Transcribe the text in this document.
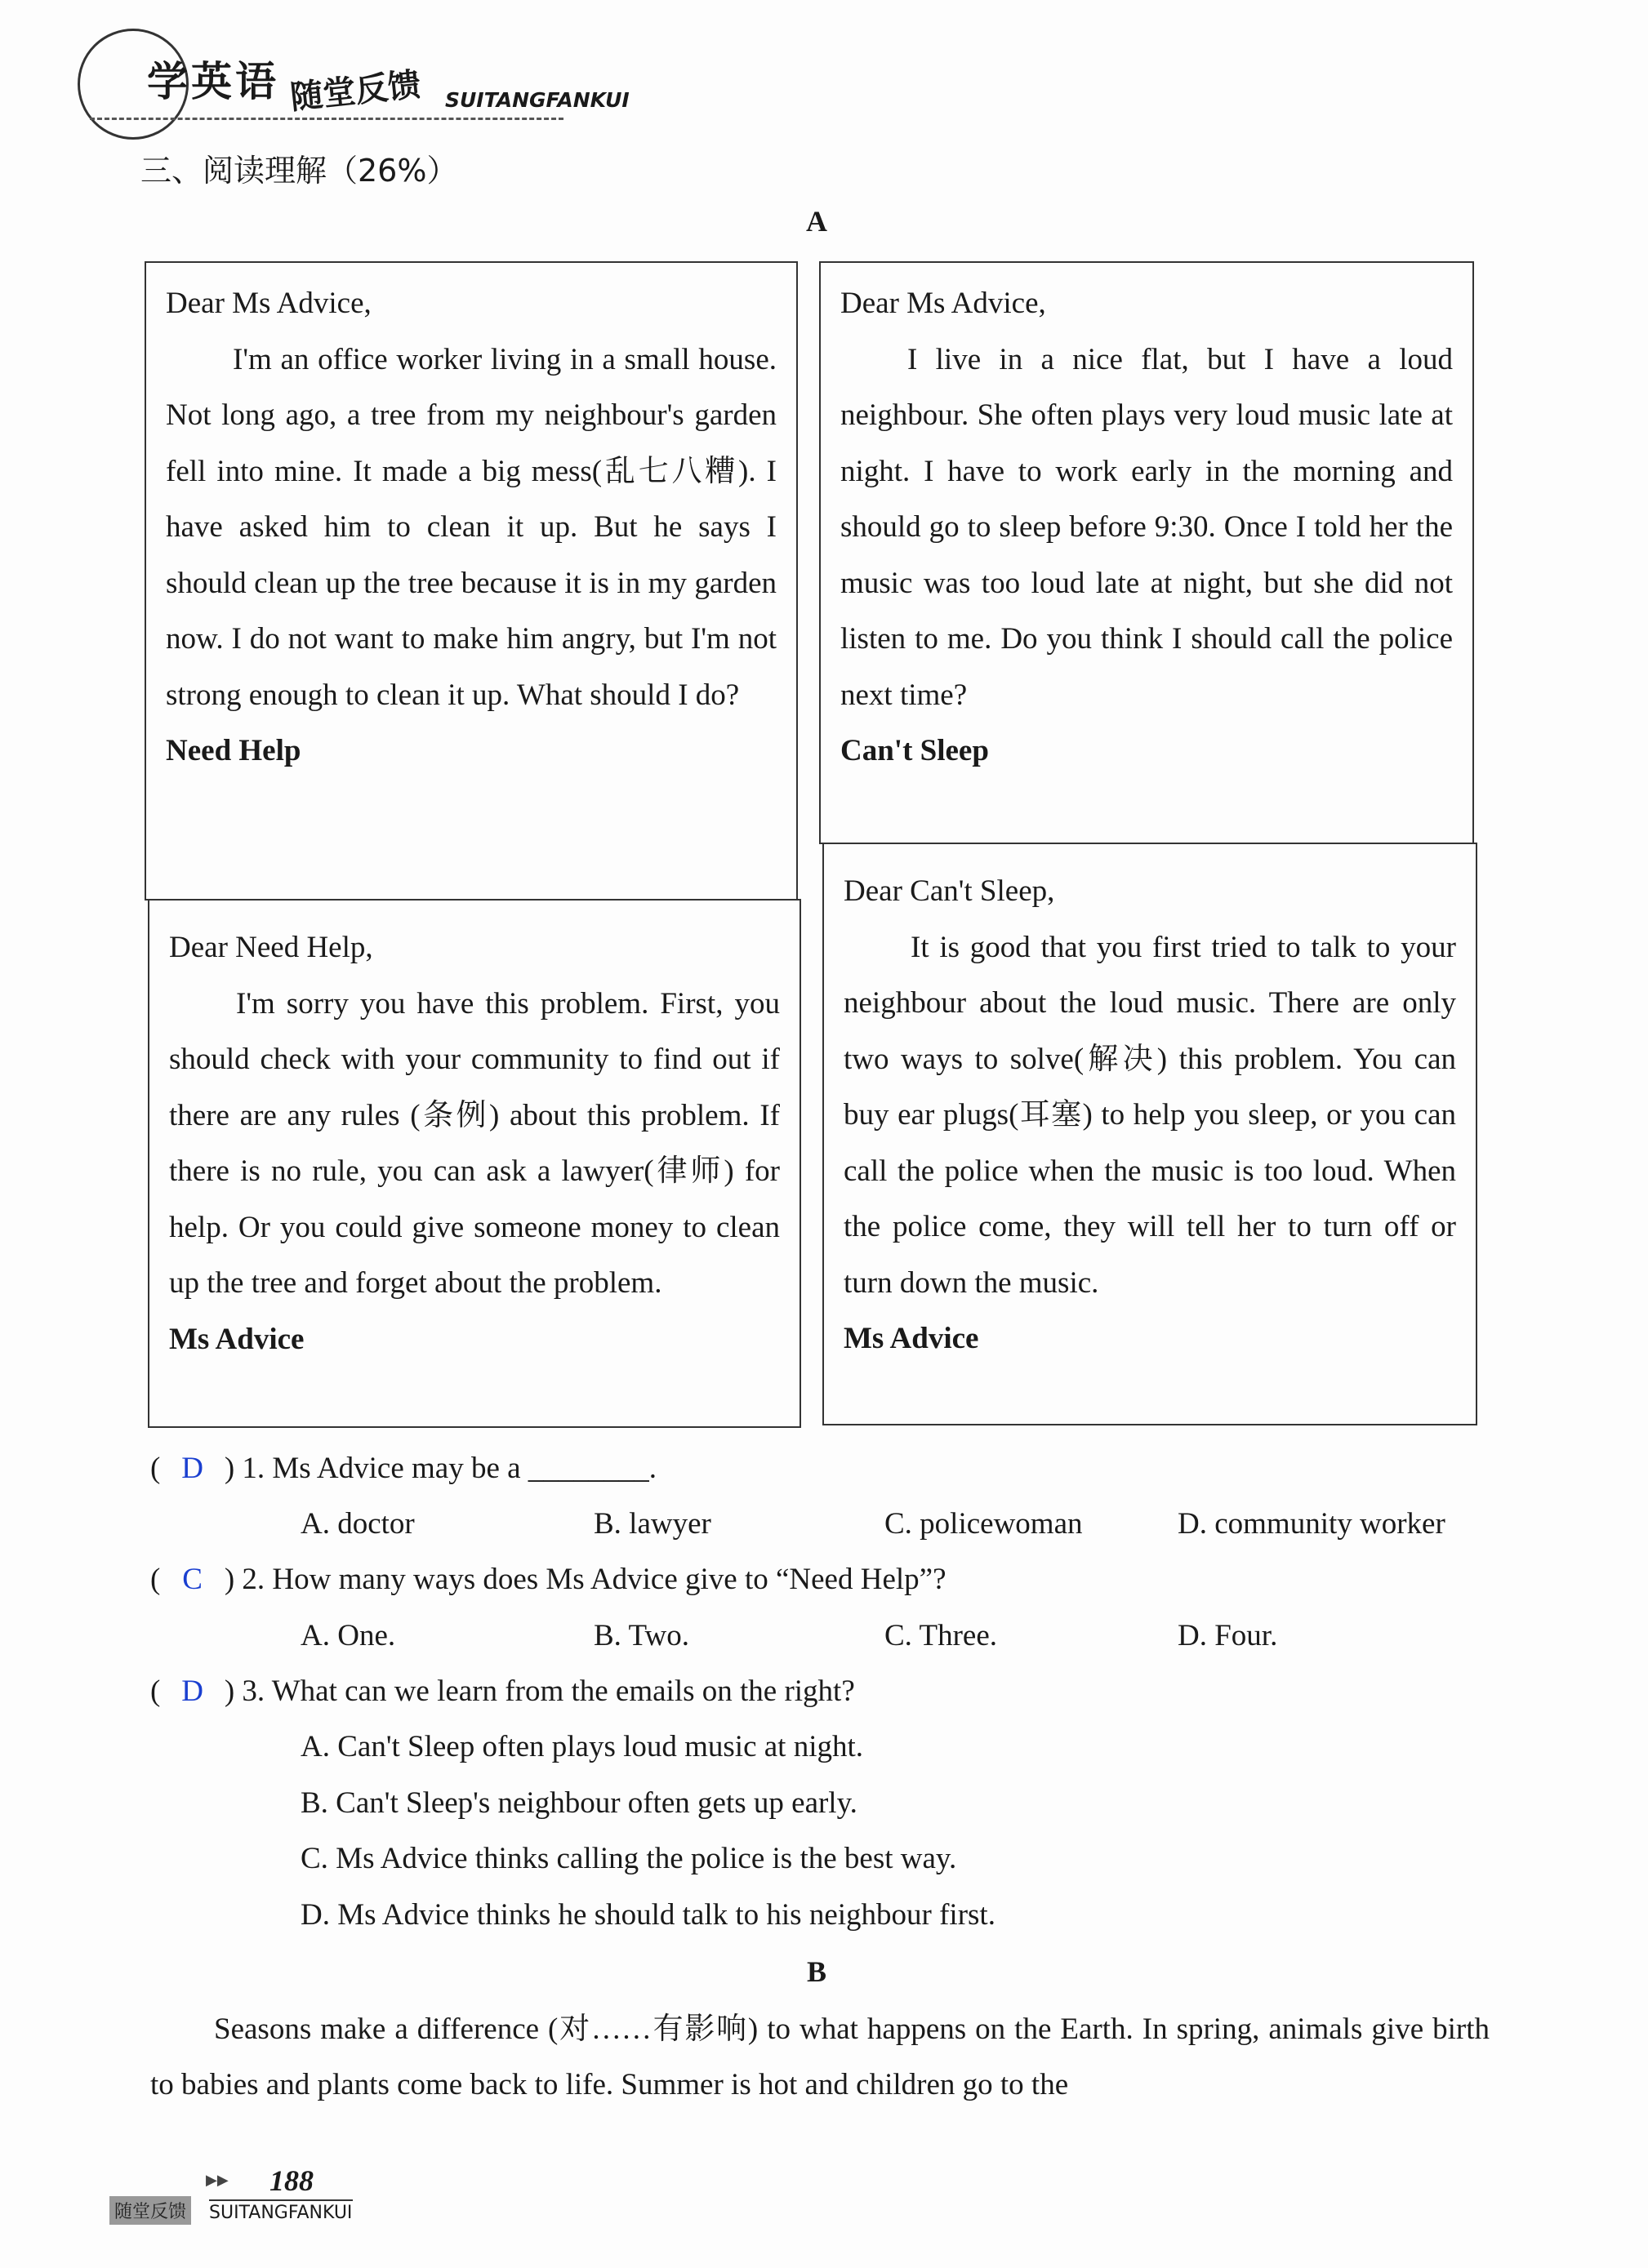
学英语 随堂反馈 SUITANGFANKUI
三、阅读理解（26%）
A

Dear Ms Advice,

I'm an office worker living in a small house. Not long ago, a tree from my neighbour's garden fell into mine. It made a big mess(乱七八糟). I have asked him to clean it up. But he says I should clean up the tree because it is in my garden now. I do not want to make him angry, but I'm not strong enough to clean it up. What should I do?

Need Help

Dear Need Help,

I'm sorry you have this problem. First, you should check with your community to find out if there are any rules (条例) about this problem. If there is no rule, you can ask a lawyer(律师) for help. Or you could give someone money to clean up the tree and forget about the problem.

Ms Advice

Dear Ms Advice,

I live in a nice flat, but I have a loud neighbour. She often plays very loud music late at night. I have to work early in the morning and should go to sleep before 9:30. Once I told her the music was too loud late at night, but she did not listen to me. Do you think I should call the police next time?

Can't Sleep

Dear Can't Sleep,

It is good that you first tried to talk to your neighbour about the loud music. There are only two ways to solve(解决) this problem. You can buy ear plugs(耳塞) to help you sleep, or you can call the police when the music is too loud. When the police come, they will tell her to turn off or turn down the music.

Ms Advice

( D ) 1. Ms Advice may be a ________.
A. doctor	B. lawyer	C. policewoman	D. community worker
( C ) 2. How many ways does Ms Advice give to “Need Help”?
A. One.	B. Two.	C. Three.	D. Four.
( D ) 3. What can we learn from the emails on the right?
A. Can't Sleep often plays loud music at night.
B. Can't Sleep's neighbour often gets up early.
C. Ms Advice thinks calling the police is the best way.
D. Ms Advice thinks he should talk to his neighbour first.
B
Seasons make a difference (对……有影响) to what happens on the Earth. In spring, animals give birth to babies and plants come back to life. Summer is hot and children go to the
▶▶ 188
随堂反馈 SUITANGFANKUI
